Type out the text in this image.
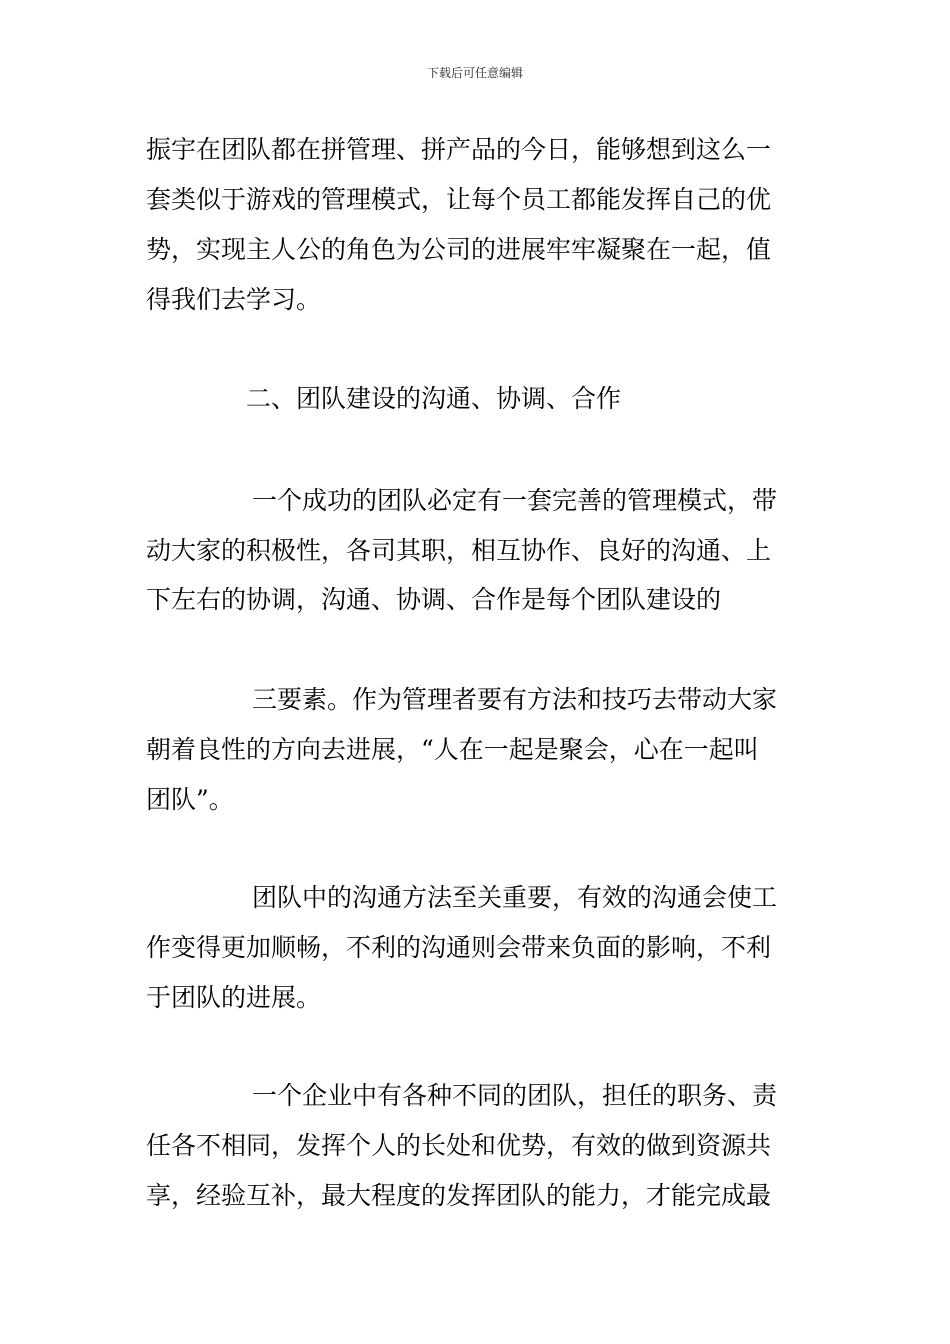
下载后可任意编辑
振宇在团队都在拼管理、拼产品的今日，能够想到这么一
套类似于游戏的管理模式，让每个员工都能发挥自己的优
势，实现主人公的角色为公司的进展牢牢凝聚在一起，值
得我们去学习。
二、团队建设的沟通、协调、合作
一个成功的团队必定有一套完善的管理模式，带
动大家的积极性，各司其职，相互协作、良好的沟通、上
下左右的协调，沟通、协调、合作是每个团队建设的
三要素。作为管理者要有方法和技巧去带动大家
朝着良性的方向去进展，“人在一起是聚会，心在一起叫
团队”。
团队中的沟通方法至关重要，有效的沟通会使工
作变得更加顺畅，不利的沟通则会带来负面的影响，不利
于团队的进展。
一个企业中有各种不同的团队，担任的职务、责
任各不相同，发挥个人的长处和优势，有效的做到资源共
享，经验互补，最大程度的发挥团队的能力，才能完成最
